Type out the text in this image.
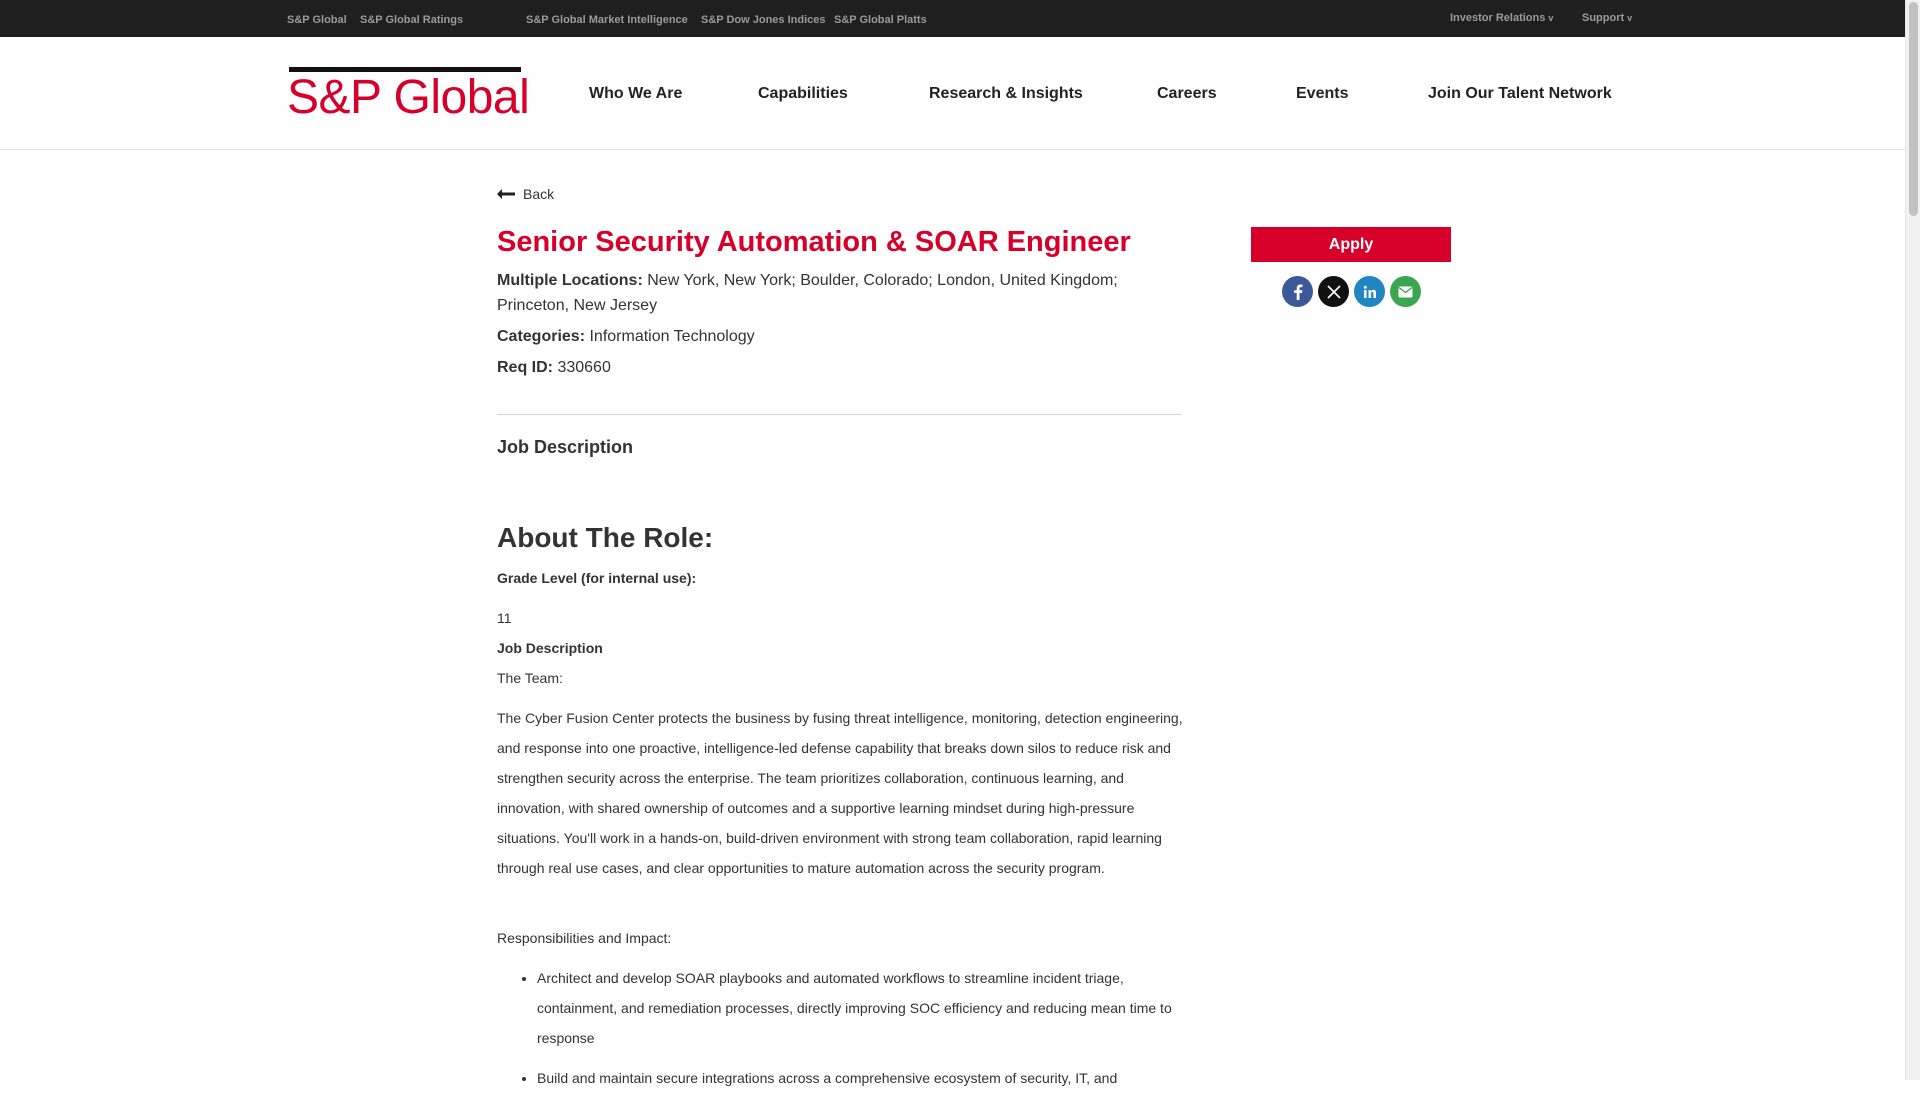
S&P Global S&P Global Ratings	S&P Global Market Intelligence S&P Dow Jones Indices S&P Global Platts	Investor Relations v	Support v
S&P Global	Who We Are	Capabilities	Research & Insights	Careers	Events	Join Our Talent Network
Back
Senior Security Automation & SOAR Engineer
Multiple Locations: New York, New York; Boulder, Colorado; London, United Kingdom; Princeton, New Jersey
Categories: Information Technology
Req ID: 330660
Job Description
About The Role:
Grade Level (for internal use):
11
Job Description
The Team:

The Cyber Fusion Center protects the business by fusing threat intelligence, monitoring, detection engineering, and response into one proactive, intelligence-led defense capability that breaks down silos to reduce risk and strengthen security across the enterprise. The team prioritizes collaboration, continuous learning, and innovation, with shared ownership of outcomes and a supportive learning mindset during high-pressure situations. You'll work in a hands-on, build-driven environment with strong team collaboration, rapid learning through real use cases, and clear opportunities to mature automation across the security program.

Responsibilities and Impact:
• Architect and develop SOAR playbooks and automated workflows to streamline incident triage, containment, and remediation processes, directly improving SOC efficiency and reducing mean time to response
• Build and maintain secure integrations across a comprehensive ecosystem of security, IT, and
Apply
